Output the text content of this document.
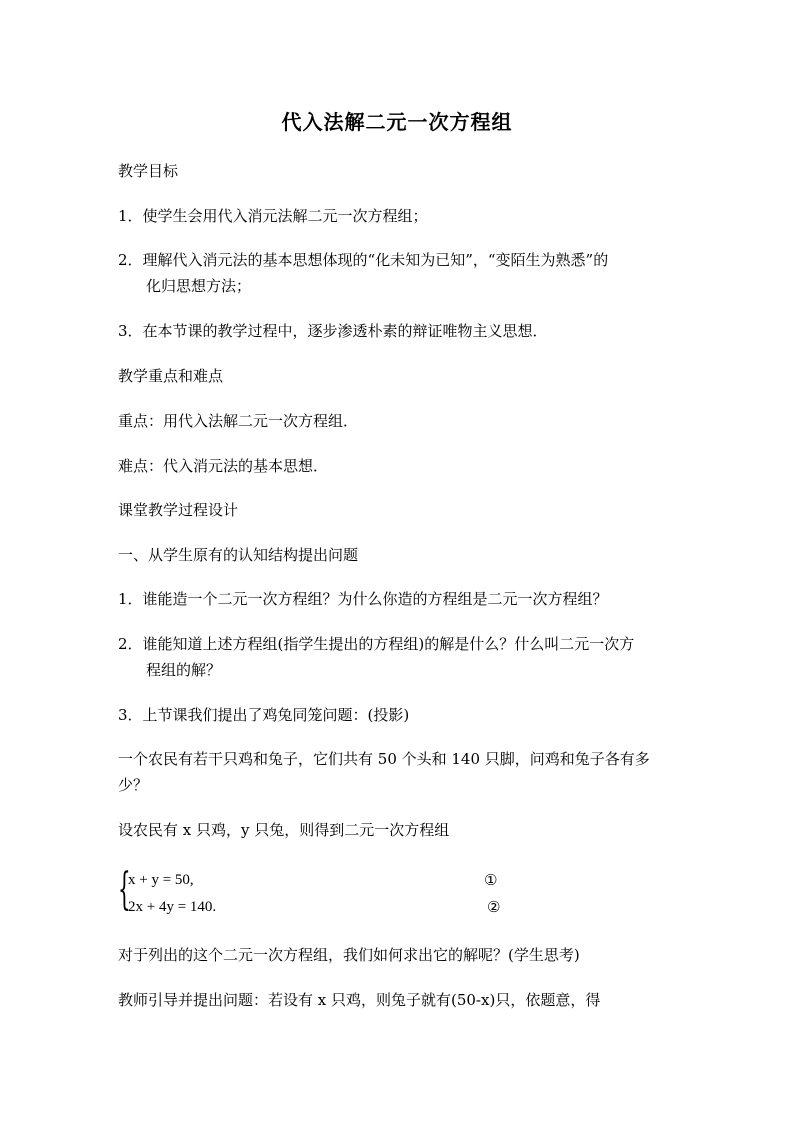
代入法解二元一次方程组
教学目标
1．使学生会用代入消元法解二元一次方程组；
2．理解代入消元法的基本思想体现的“化未知为已知”，“变陌生为熟悉”的
化归思想方法；
3．在本节课的教学过程中，逐步渗透朴素的辩证唯物主义思想．
教学重点和难点
重点：用代入法解二元一次方程组．
难点：代入消元法的基本思想．
课堂教学过程设计
一、从学生原有的认知结构提出问题
1．谁能造一个二元一次方程组？为什么你造的方程组是二元一次方程组？
2．谁能知道上述方程组(指学生提出的方程组)的解是什么？什么叫二元一次方
程组的解？
3．上节课我们提出了鸡兔同笼问题：(投影)
一个农民有若干只鸡和兔子，它们共有 50 个头和 140 只脚，问鸡和兔子各有多
少？
设农民有 x 只鸡，y 只兔，则得到二元一次方程组
{
x + y = 50,
2x + 4y = 140.
①
②
对于列出的这个二元一次方程组，我们如何求出它的解呢？(学生思考)
教师引导并提出问题：若设有 x 只鸡，则兔子就有(50-x)只，依题意，得
